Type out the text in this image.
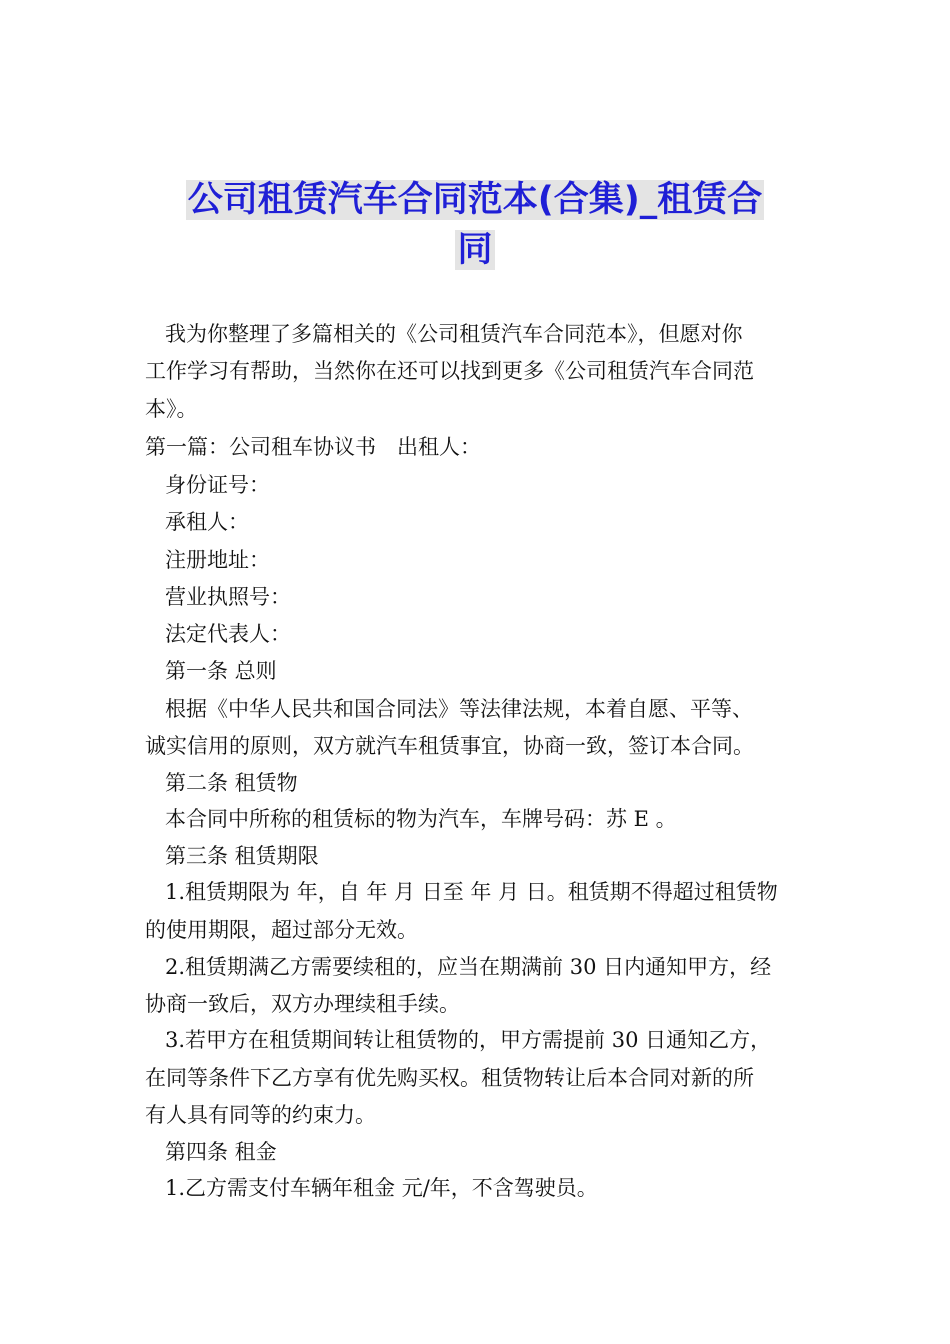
公司租赁汽车合同范本(合集)_租赁合
同
我为你整理了多篇相关的《公司租赁汽车合同范本》，但愿对你
工作学习有帮助，当然你在还可以找到更多《公司租赁汽车合同范
本》。
第一篇：公司租车协议书　出租人：
身份证号：
承租人：
注册地址：
营业执照号：
法定代表人：
第一条 总则
根据《中华人民共和国合同法》等法律法规，本着自愿、平等、
诚实信用的原则，双方就汽车租赁事宜，协商一致，签订本合同。
第二条 租赁物
本合同中所称的租赁标的物为汽车，车牌号码：苏 E 。
第三条 租赁期限
1.租赁期限为 年，自 年 月 日至 年 月 日。租赁期不得超过租赁物
的使用期限，超过部分无效。
2.租赁期满乙方需要续租的，应当在期满前 30 日内通知甲方，经
协商一致后，双方办理续租手续。
3.若甲方在租赁期间转让租赁物的，甲方需提前 30 日通知乙方，
在同等条件下乙方享有优先购买权。租赁物转让后本合同对新的所
有人具有同等的约束力。
第四条 租金
1.乙方需支付车辆年租金 元/年，不含驾驶员。
